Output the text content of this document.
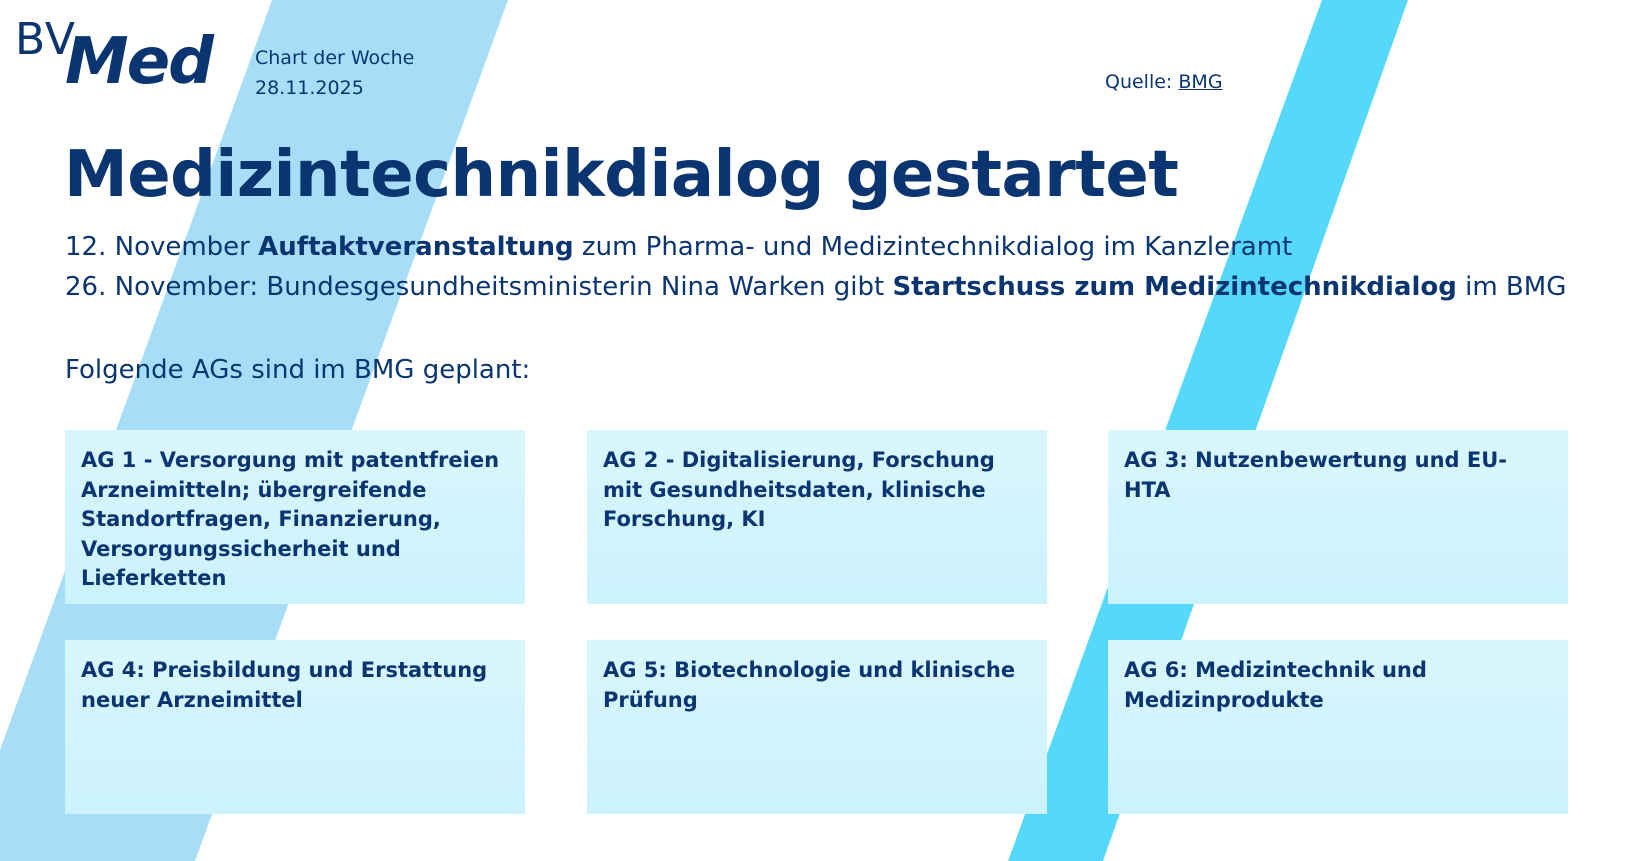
BV
Med Chart der Woche
28.11.2025	Quelle: BMG
Medizintechnikdialog gestartet
12. November Auftaktveranstaltung zum Pharma- und Medizintechnikdialog im Kanzleramt
26. November: Bundesgesundheitsministerin Nina Warken gibt Startschuss zum Medizintechnikdialog im BMG
Folgende AGs sind im BMG geplant:
AG 1 - Versorgung mit patentfreien Arzneimitteln; übergreifende Standortfragen, Finanzierung, Versorgungssicherheit und Lieferketten
AG 2 - Digitalisierung, Forschung mit Gesundheitsdaten, klinische Forschung, KI
AG 3: Nutzenbewertung und EU-HTA
AG 4: Preisbildung und Erstattung neuer Arzneimittel
AG 5: Biotechnologie und klinische Prüfung
AG 6: Medizintechnik und Medizinprodukte
